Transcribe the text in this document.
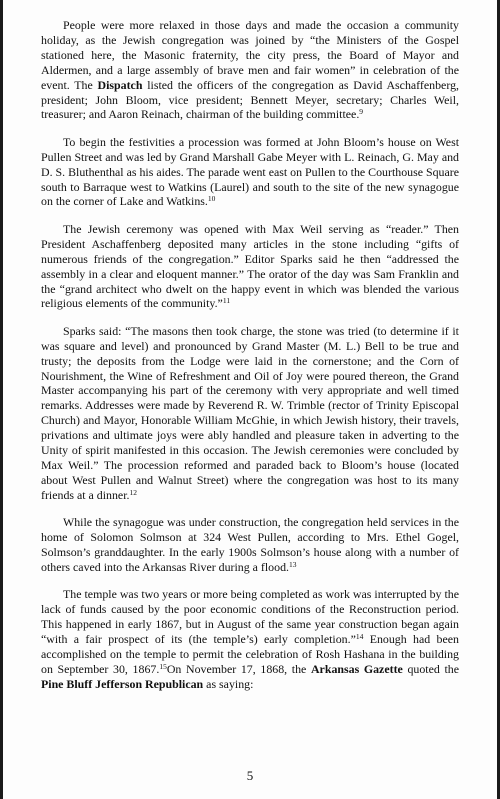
People were more relaxed in those days and made the occasion a community holiday, as the Jewish congregation was joined by “the Ministers of the Gospel stationed here, the Masonic fraternity, the city press, the Board of Mayor and Aldermen, and a large assembly of brave men and fair women” in celebration of the event. The Dispatch listed the officers of the congregation as David Aschaffenberg, president; John Bloom, vice president; Bennett Meyer, secretary; Charles Weil, treasurer; and Aaron Reinach, chairman of the building committee.$^9$

To begin the festivities a procession was formed at John Bloom’s house on West Pullen Street and was led by Grand Marshall Gabe Meyer with L. Reinach, G. May and D. S. Bluthenthal as his aides. The parade went east on Pullen to the Courthouse Square south to Barraque west to Watkins (Laurel) and south to the site of the new synagogue on the corner of Lake and Watkins.$^{10}$

The Jewish ceremony was opened with Max Weil serving as “reader.” Then President Aschaffenberg deposited many articles in the stone including “gifts of numerous friends of the congregation.” Editor Sparks said he then “addressed the assembly in a clear and eloquent manner.” The orator of the day was Sam Franklin and the “grand architect who dwelt on the happy event in which was blended the various religious elements of the community.”$^{11}$

Sparks said: “The masons then took charge, the stone was tried (to determine if it was square and level) and pronounced by Grand Master (M. L.) Bell to be true and trusty; the deposits from the Lodge were laid in the cornerstone; and the Corn of Nourishment, the Wine of Refreshment and Oil of Joy were poured thereon, the Grand Master accompanying his part of the ceremony with very appropriate and well timed remarks. Addresses were made by Reverend R. W. Trimble (rector of Trinity Episcopal Church) and Mayor, Honorable William McGhie, in which Jewish history, their travels, privations and ultimate joys were ably handled and pleasure taken in adverting to the Unity of spirit manifested in this occasion. The Jewish ceremonies were concluded by Max Weil.” The procession reformed and paraded back to Bloom’s house (located about West Pullen and Walnut Street) where the congregation was host to its many friends at a dinner.$^{12}$

While the synagogue was under construction, the congregation held services in the home of Solomon Solmson at 324 West Pullen, according to Mrs. Ethel Gogel, Solmson’s granddaughter. In the early 1900s Solmson’s house along with a number of others caved into the Arkansas River during a flood.$^{13}$

The temple was two years or more being completed as work was interrupted by the lack of funds caused by the poor economic conditions of the Reconstruction period. This happened in early 1867, but in August of the same year construction began again “with a fair prospect of its (the temple’s) early completion.”$^{14}$ Enough had been accomplished on the temple to permit the celebration of Rosh Hashana in the building on September 30, 1867.15On November 17, 1868, the Arkansas Gazette quoted the Pine Bluff Jefferson Republican as saying:

5
